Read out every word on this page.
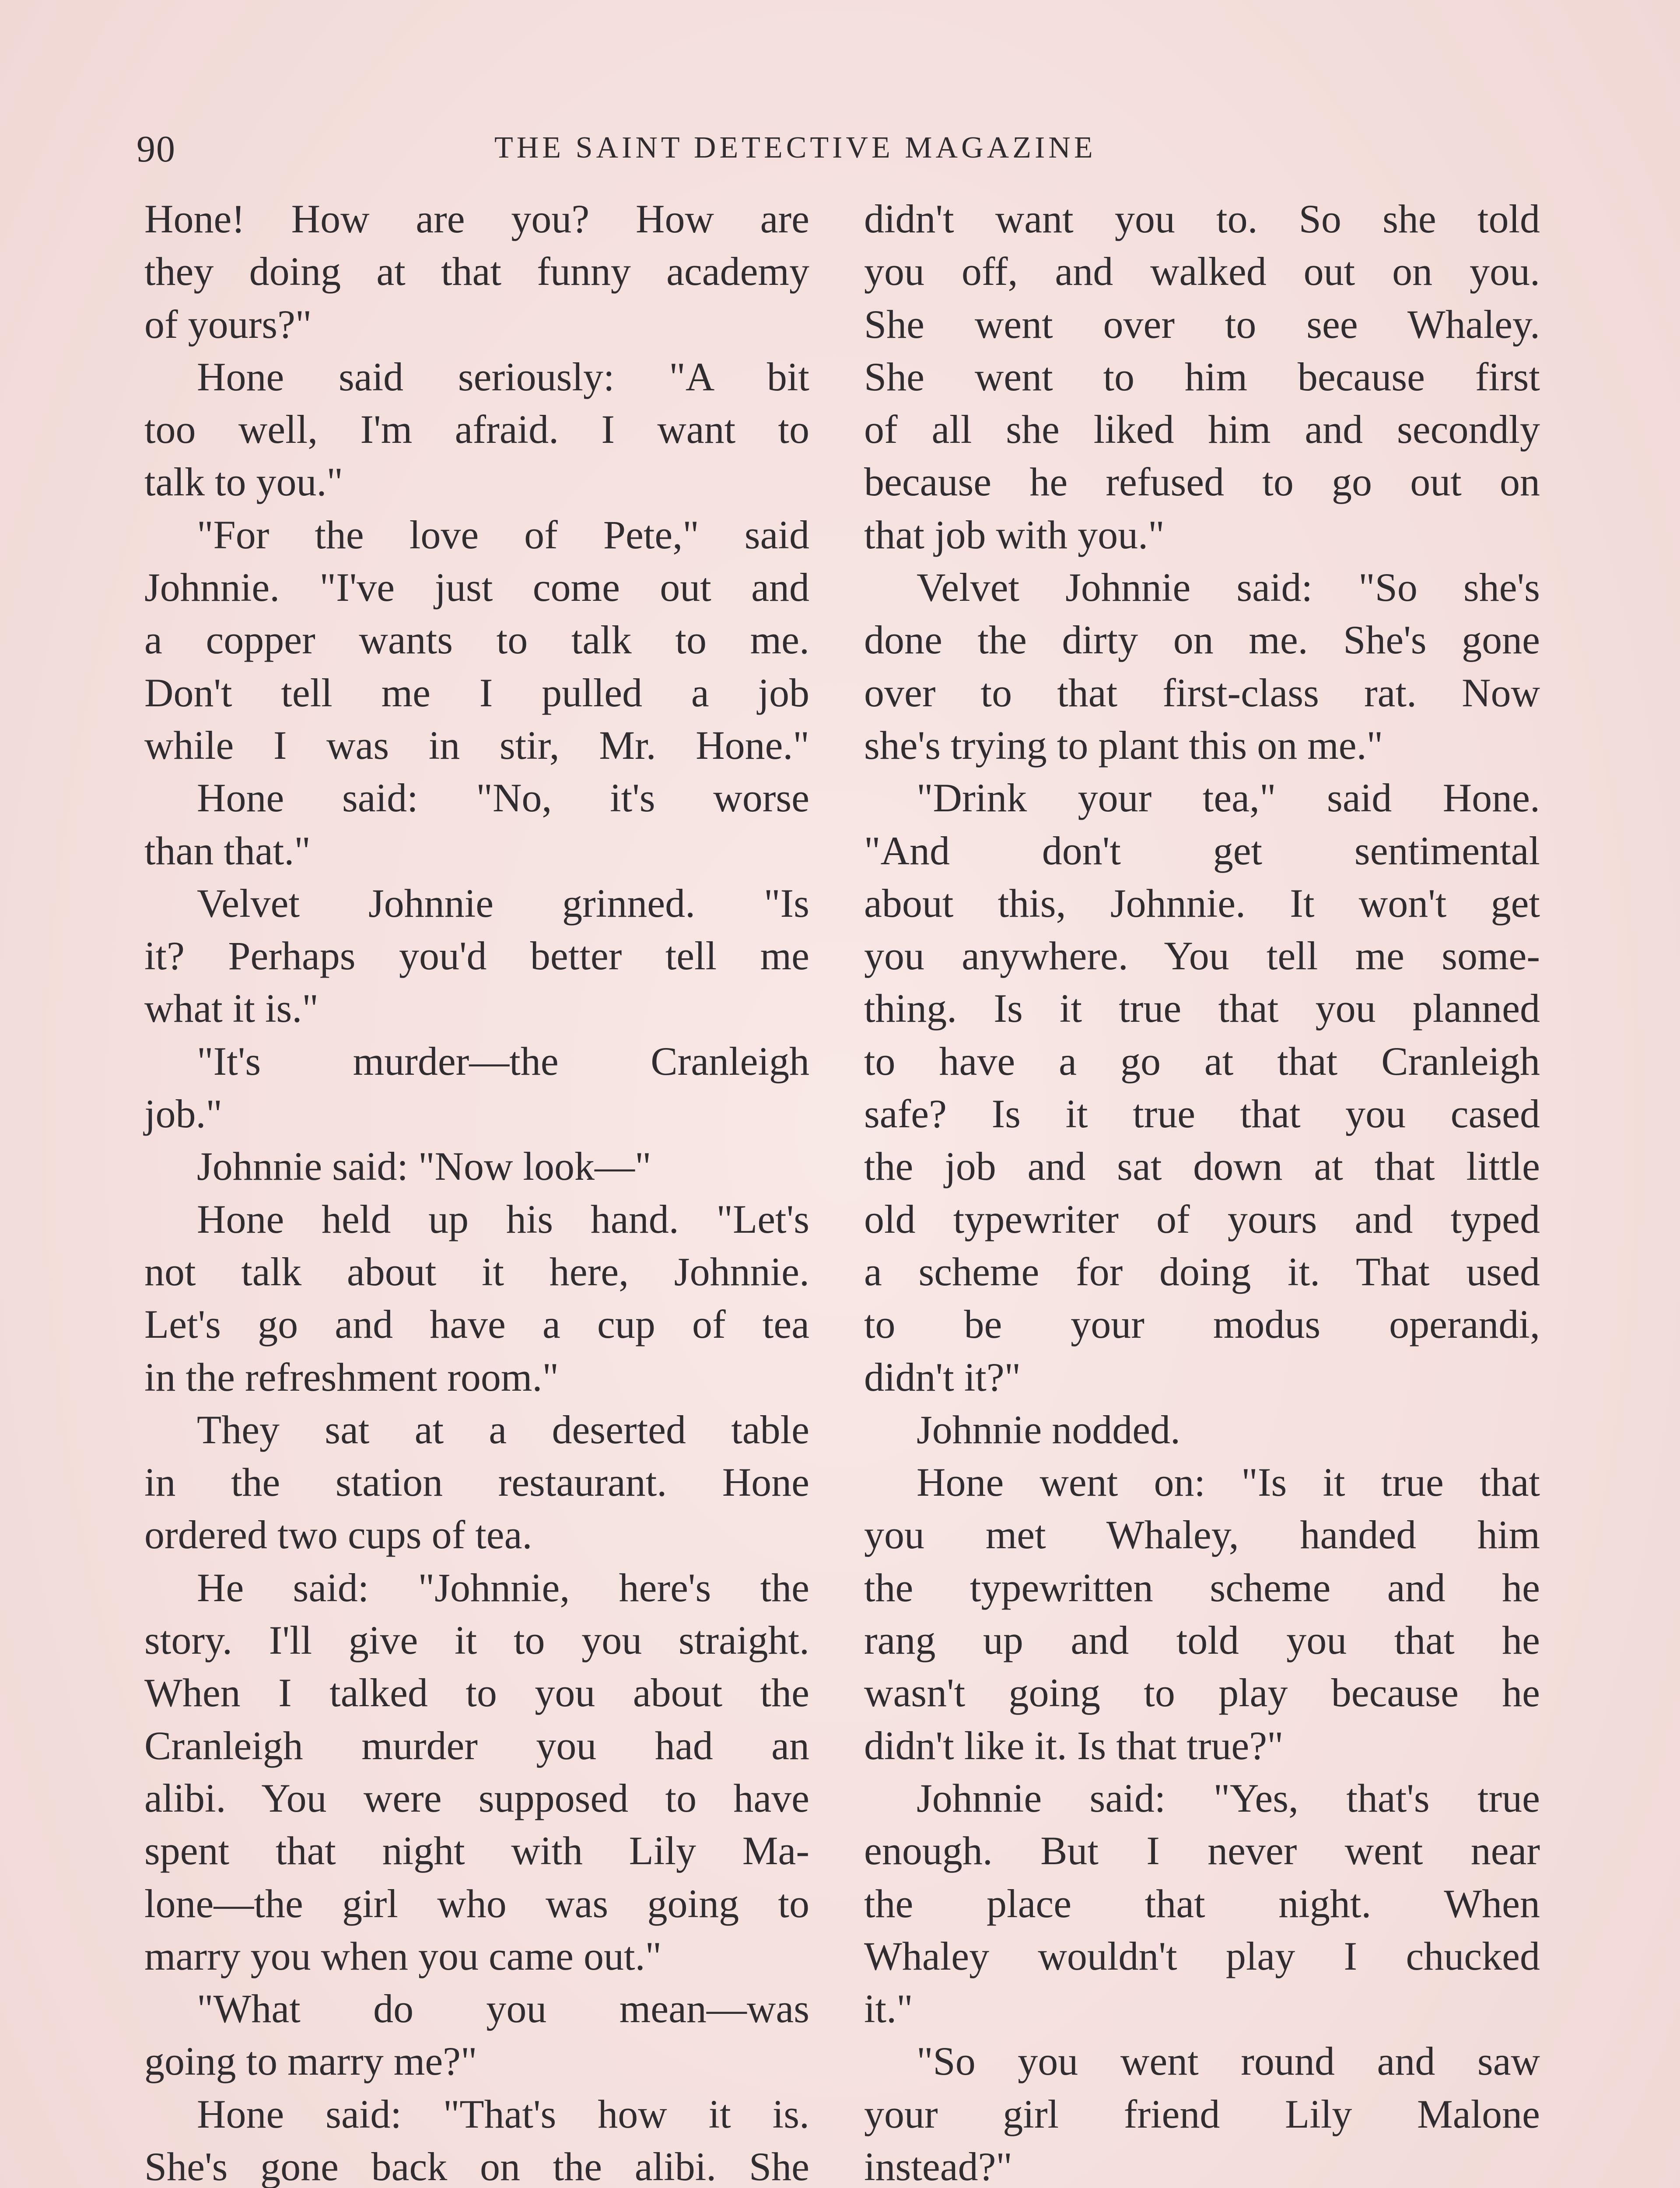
90	THE SAINT DETECTIVE MAGAZINE
Hone! How are you? How are
they doing at that funny academy
of yours?"
Hone said seriously: "A bit
too well, I'm afraid. I want to
talk to you."
"For the love of Pete," said
Johnnie. "I've just come out and
a copper wants to talk to me.
Don't tell me I pulled a job
while I was in stir, Mr. Hone."
Hone said: "No, it's worse
than that."
Velvet Johnnie grinned. "Is
it? Perhaps you'd better tell me
what it is."
"It's murder—the Cranleigh
job."
Johnnie said: "Now look—"
Hone held up his hand. "Let's
not talk about it here, Johnnie.
Let's go and have a cup of tea
in the refreshment room."
They sat at a deserted table
in the station restaurant. Hone
ordered two cups of tea.
He said: "Johnnie, here's the
story. I'll give it to you straight.
When I talked to you about the
Cranleigh murder you had an
alibi. You were supposed to have
spent that night with Lily Ma-
lone—the girl who was going to
marry you when you came out."
"What do you mean—was
going to marry me?"
Hone said: "That's how it is.
She's gone back on the alibi. She
didn't want you to. So she told
you off, and walked out on you.
She went over to see Whaley.
She went to him because first
of all she liked him and secondly
because he refused to go out on
that job with you."
Velvet Johnnie said: "So she's
done the dirty on me. She's gone
over to that first-class rat. Now
she's trying to plant this on me."
"Drink your tea," said Hone.
"And don't get sentimental
about this, Johnnie. It won't get
you anywhere. You tell me some-
thing. Is it true that you planned
to have a go at that Cranleigh
safe? Is it true that you cased
the job and sat down at that little
old typewriter of yours and typed
a scheme for doing it. That used
to be your modus operandi,
didn't it?"
Johnnie nodded.
Hone went on: "Is it true that
you met Whaley, handed him
the typewritten scheme and he
rang up and told you that he
wasn't going to play because he
didn't like it. Is that true?"
Johnnie said: "Yes, that's true
enough. But I never went near
the place that night. When
Whaley wouldn't play I chucked
it."
"So you went round and saw
your girl friend Lily Malone
instead?"
